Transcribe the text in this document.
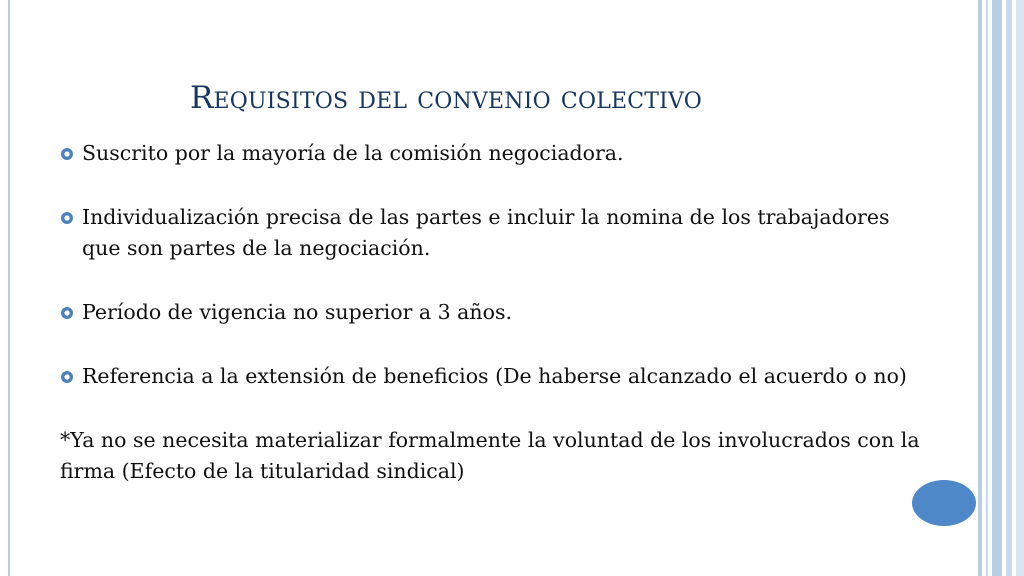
Requisitos del convenio colectivo
Suscrito por la mayoría de la comisión negociadora.
Individualización precisa de las partes e incluir la nomina de los trabajadores que son partes de la negociación.
Período de vigencia no superior a 3 años.
Referencia a la extensión de beneficios (De haberse alcanzado el acuerdo o no)
*Ya no se necesita materializar formalmente la voluntad de los involucrados con la firma (Efecto de la titularidad sindical)
